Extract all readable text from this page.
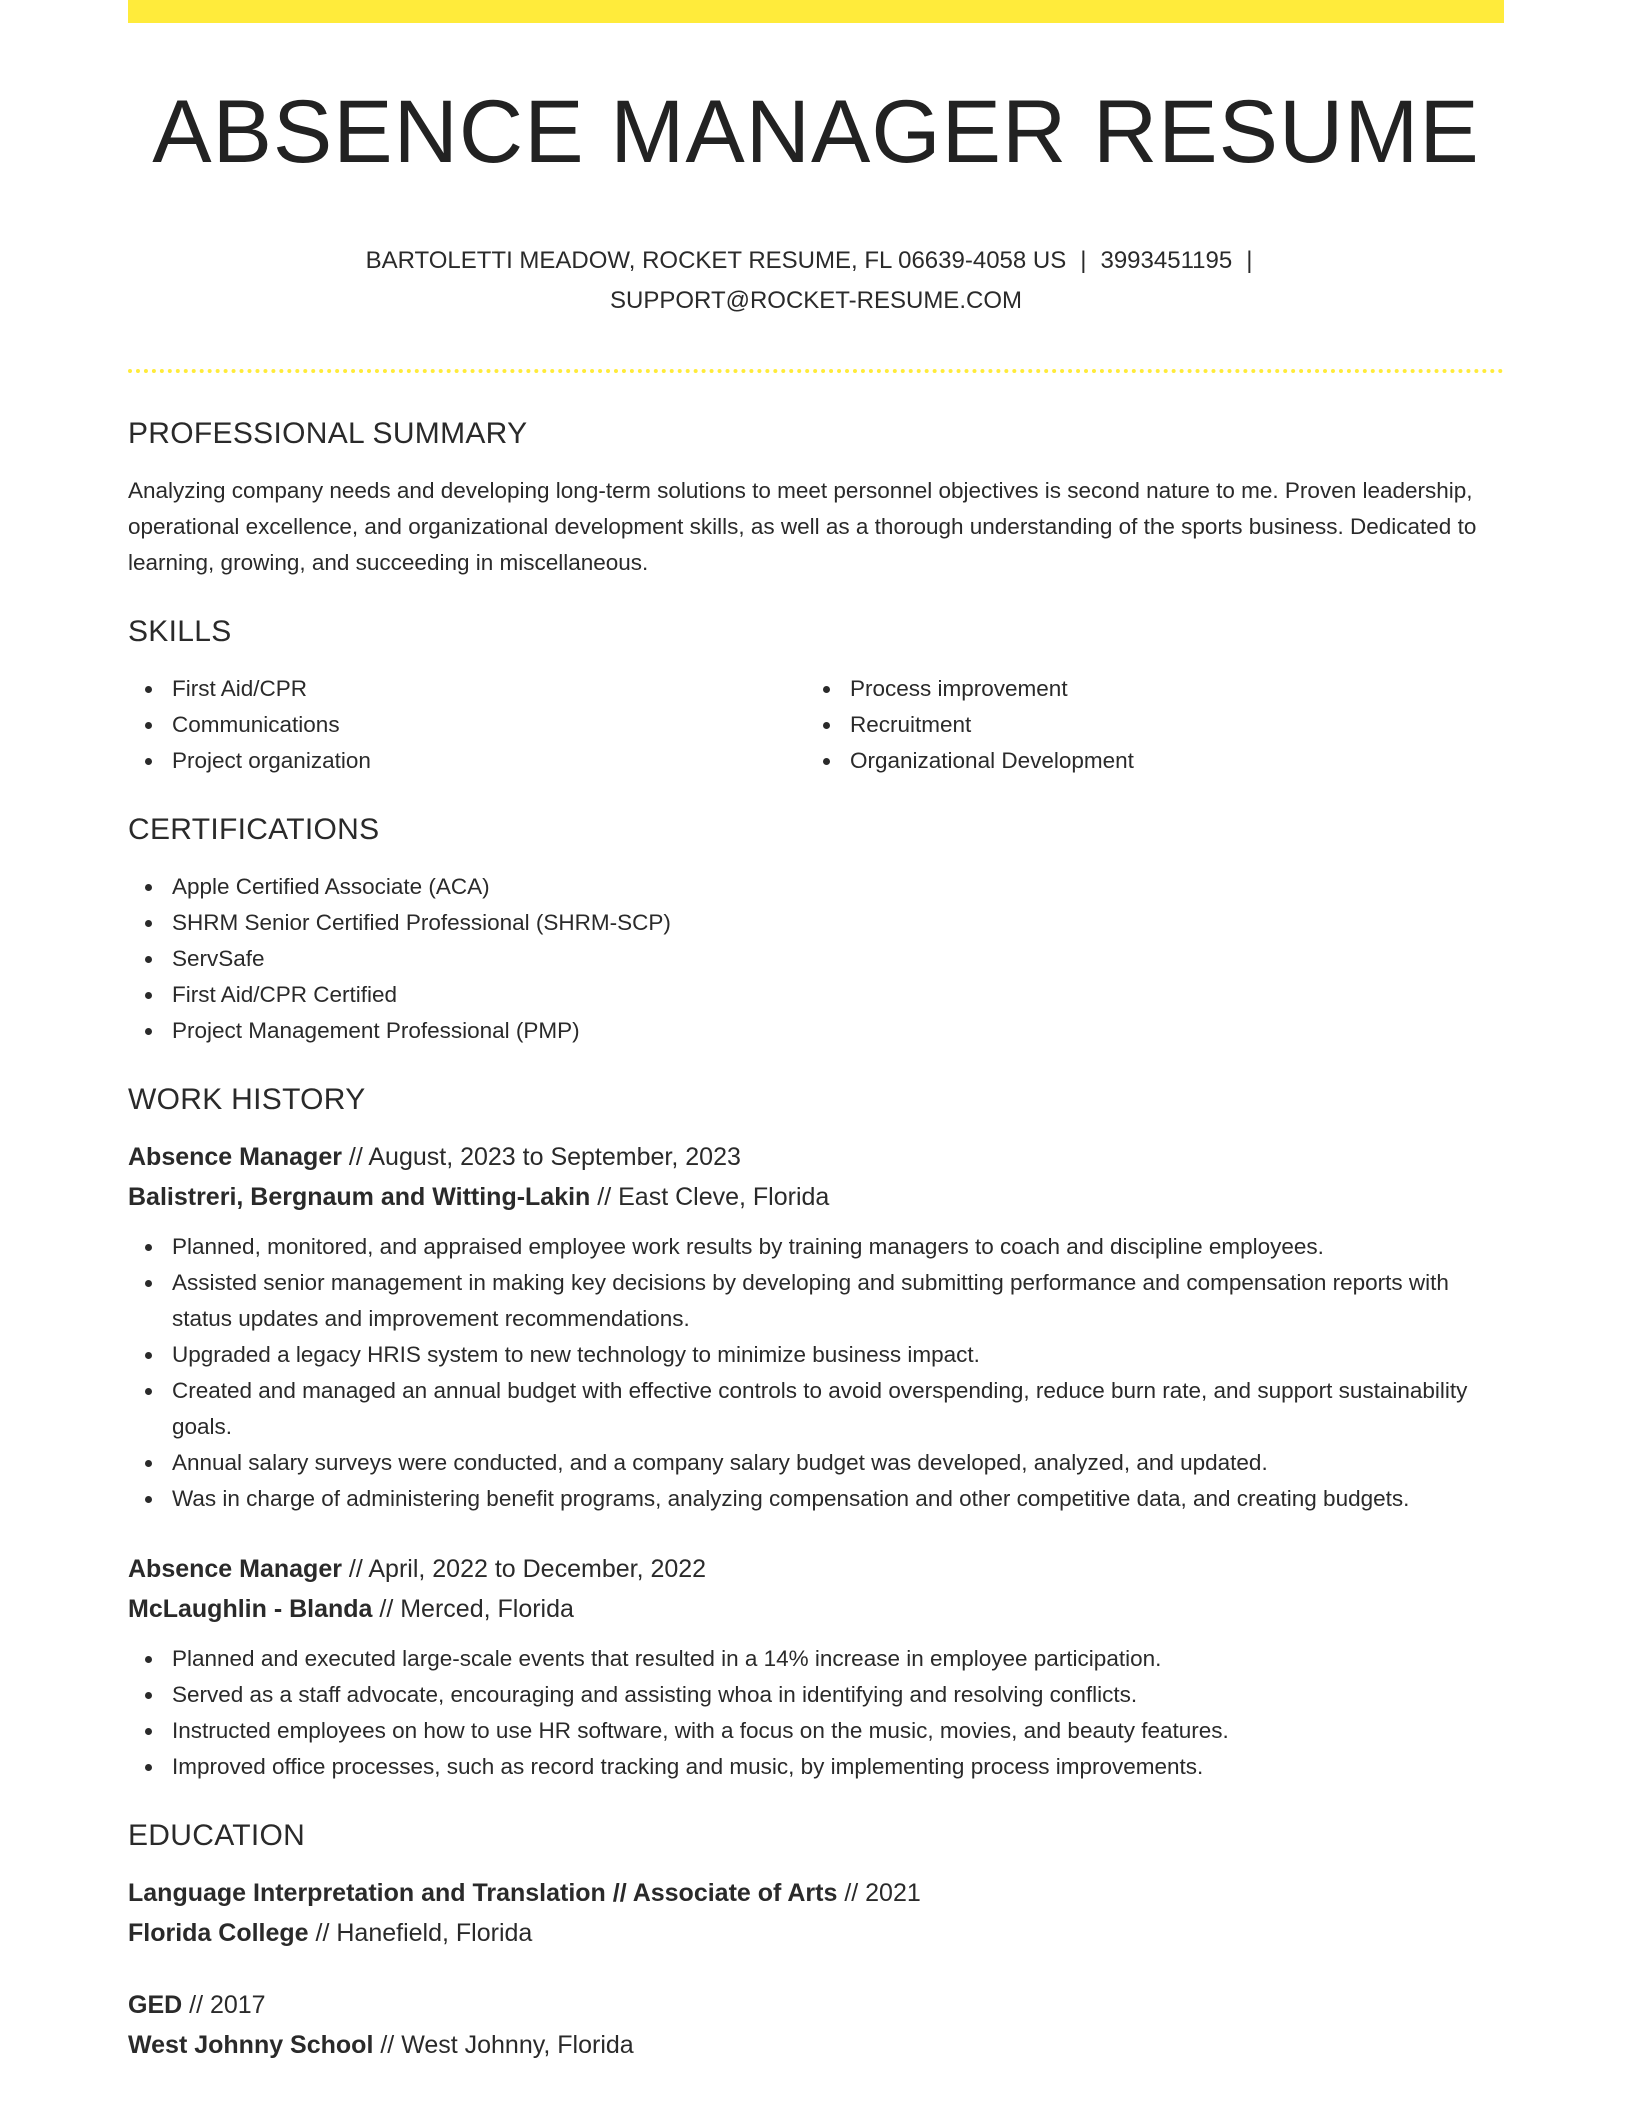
ABSENCE MANAGER RESUME
BARTOLETTI MEADOW, ROCKET RESUME, FL 06639-4058 US | 3993451195 |
SUPPORT@ROCKET-RESUME.COM
PROFESSIONAL SUMMARY
Analyzing company needs and developing long-term solutions to meet personnel objectives is second nature to me. Proven leadership, operational excellence, and organizational development skills, as well as a thorough understanding of the sports business. Dedicated to learning, growing, and succeeding in miscellaneous.
SKILLS
First Aid/CPR
Communications
Project organization
Process improvement
Recruitment
Organizational Development
CERTIFICATIONS
Apple Certified Associate (ACA)
SHRM Senior Certified Professional (SHRM-SCP)
ServSafe
First Aid/CPR Certified
Project Management Professional (PMP)
WORK HISTORY
Absence Manager // August, 2023 to September, 2023
Balistreri, Bergnaum and Witting-Lakin // East Cleve, Florida
Planned, monitored, and appraised employee work results by training managers to coach and discipline employees.
Assisted senior management in making key decisions by developing and submitting performance and compensation reports with status updates and improvement recommendations.
Upgraded a legacy HRIS system to new technology to minimize business impact.
Created and managed an annual budget with effective controls to avoid overspending, reduce burn rate, and support sustainability goals.
Annual salary surveys were conducted, and a company salary budget was developed, analyzed, and updated.
Was in charge of administering benefit programs, analyzing compensation and other competitive data, and creating budgets.
Absence Manager // April, 2022 to December, 2022
McLaughlin - Blanda // Merced, Florida
Planned and executed large-scale events that resulted in a 14% increase in employee participation.
Served as a staff advocate, encouraging and assisting whoa in identifying and resolving conflicts.
Instructed employees on how to use HR software, with a focus on the music, movies, and beauty features.
Improved office processes, such as record tracking and music, by implementing process improvements.
EDUCATION
Language Interpretation and Translation // Associate of Arts // 2021
Florida College // Hanefield, Florida
GED // 2017
West Johnny School // West Johnny, Florida
